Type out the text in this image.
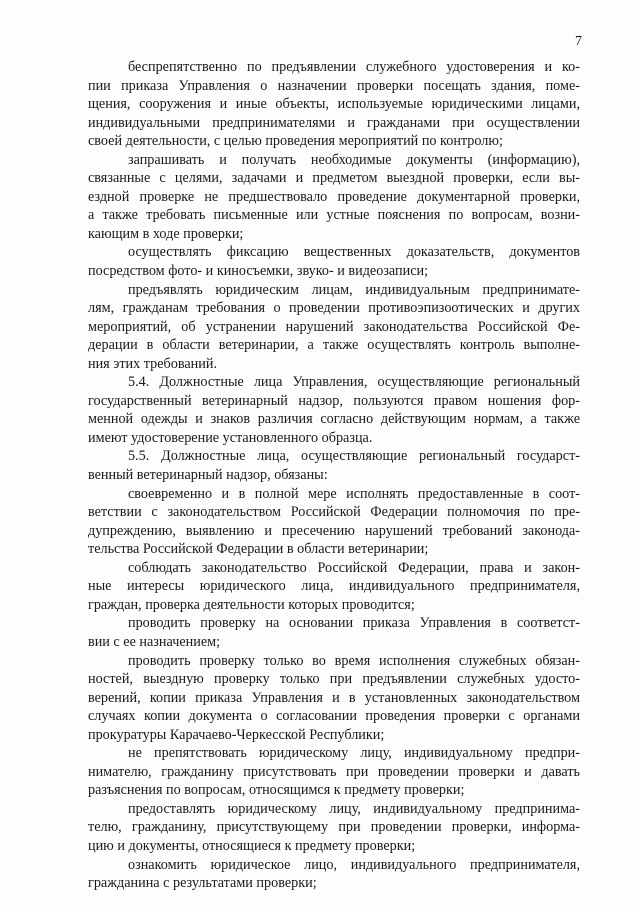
7
беспрепятственно по предъявлении служебного удостоверения и ко-
пии приказа Управления о назначении проверки посещать здания, поме-
щения, сооружения и иные объекты, используемые юридическими лицами,
индивидуальными предпринимателями и гражданами при осуществлении
своей деятельности, с целью проведения мероприятий по контролю;
запрашивать и получать необходимые документы (информацию),
связанные с целями, задачами и предметом выездной проверки, если вы-
ездной проверке не предшествовало проведение документарной проверки,
а также требовать письменные или устные пояснения по вопросам, возни-
кающим в ходе проверки;
осуществлять фиксацию вещественных доказательств, документов
посредством фото- и киносъемки, звуко- и видеозаписи;
предъявлять юридическим лицам, индивидуальным предпринимате-
лям, гражданам требования о проведении противоэпизоотических и других
мероприятий, об устранении нарушений законодательства Российской Фе-
дерации в области ветеринарии, а также осуществлять контроль выполне-
ния этих требований.
5.4. Должностные лица Управления, осуществляющие региональный
государственный ветеринарный надзор, пользуются правом ношения фор-
менной одежды и знаков различия согласно действующим нормам, а также
имеют удостоверение установленного образца.
5.5. Должностные лица, осуществляющие региональный государст-
венный ветеринарный надзор, обязаны:
своевременно и в полной мере исполнять предоставленные в соот-
ветствии с законодательством Российской Федерации полномочия по пре-
дупреждению, выявлению и пресечению нарушений требований законода-
тельства Российской Федерации в области ветеринарии;
соблюдать законодательство Российской Федерации, права и закон-
ные интересы юридического лица, индивидуального предпринимателя,
граждан, проверка деятельности которых проводится;
проводить проверку на основании приказа Управления в соответст-
вии с ее назначением;
проводить проверку только во время исполнения служебных обязан-
ностей, выездную проверку только при предъявлении служебных удосто-
верений, копии приказа Управления и в установленных законодательством
случаях копии документа о согласовании проведения проверки с органами
прокуратуры Карачаево-Черкесской Республики;
не препятствовать юридическому лицу, индивидуальному предпри-
нимателю, гражданину присутствовать при проведении проверки и давать
разъяснения по вопросам, относящимся к предмету проверки;
предоставлять юридическому лицу, индивидуальному предпринима-
телю, гражданину, присутствующему при проведении проверки, информа-
цию и документы, относящиеся к предмету проверки;
ознакомить юридическое лицо, индивидуального предпринимателя,
гражданина с результатами проверки;
